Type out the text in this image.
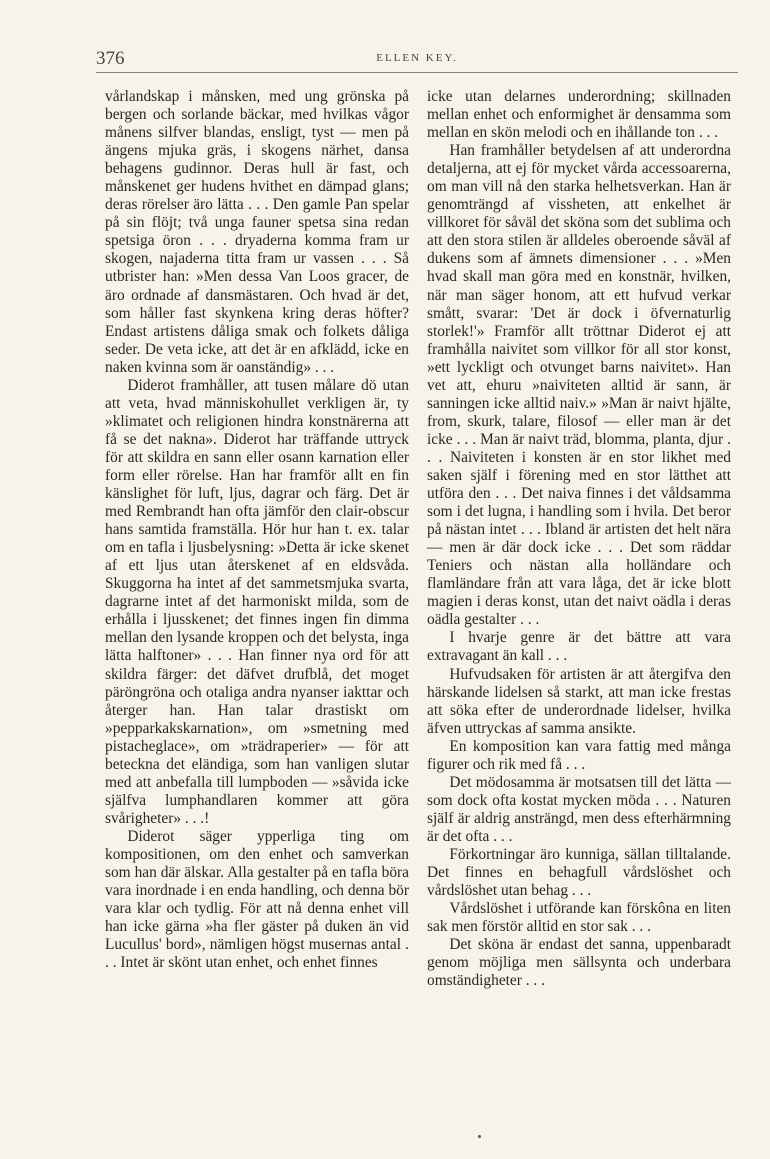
376	ELLEN KEY.

vårlandskap i månsken, med ung grönska på bergen och sorlande bäckar, med hvilkas vågor månens silfver blandas, ensligt, tyst — men på ängens mjuka gräs, i skogens närhet, dansa behagens gudinnor. Deras hull är fast, och månskenet ger hudens hvithet en dämpad glans; deras rörelser äro lätta . . . Den gamle Pan spelar på sin flöjt; två unga fauner spetsa sina redan spetsiga öron . . . dryaderna komma fram ur skogen, najaderna titta fram ur vassen . . . Så utbrister han: »Men dessa Van Loos gracer, de äro ordnade af dansmästaren. Och hvad är det, som håller fast skynkena kring deras höfter? Endast artistens dåliga smak och folkets dåliga seder. De veta icke, att det är en afklädd, icke en naken kvinna som är oanständig» . . .

Diderot framhåller, att tusen målare dö utan att veta, hvad människohullet verkligen är, ty »klimatet och religionen hindra konstnärerna att få se det nakna». Diderot har träffande uttryck för att skildra en sann eller osann karnation eller form eller rörelse. Han har framför allt en fin känslighet för luft, ljus, dagrar och färg. Det är med Rembrandt han ofta jämför den clair-obscur hans samtida framställa. Hör hur han t. ex. talar om en tafla i ljusbelysning: »Detta är icke skenet af ett ljus utan återskenet af en eldsvåda. Skuggorna ha intet af det sammetsmjuka svarta, dagrarne intet af det harmoniskt milda, som de erhålla i ljusskenet; det finnes ingen fin dimma mellan den lysande kroppen och det belysta, inga lätta halftoner» . . . Han finner nya ord för att skildra färger: det däfvet drufblå, det moget päröngröna och otaliga andra nyanser iakttar och återger han. Han talar drastiskt om »pepparkakskarnation», om »smetning med pistacheglace», om »trädraperier» — för att beteckna det eländiga, som han vanligen slutar med att anbefalla till lumpboden — »såvida icke själfva lumphandlaren kommer att göra svårigheter» . . .!

Diderot säger ypperliga ting om kompositionen, om den enhet och samverkan som han där älskar. Alla gestalter på en tafla böra vara inordnade i en enda handling, och denna bör vara klar och tydlig. För att nå denna enhet vill han icke gärna »ha fler gäster på duken än vid Lucullus' bord», nämligen högst musernas antal . . . Intet är skönt utan enhet, och enhet finnes

icke utan delarnes underordning; skillnaden mellan enhet och enformighet är densamma som mellan en skön melodi och en ihållande ton . . .

Han framhåller betydelsen af att underordna detaljerna, att ej för mycket vårda accessoarerna, om man vill nå den starka helhetsverkan. Han är genomträngd af vissheten, att enkelhet är villkoret för såväl det sköna som det sublima och att den stora stilen är alldeles oberoende såväl af dukens som af ämnets dimensioner . . . »Men hvad skall man göra med en konstnär, hvilken, när man säger honom, att ett hufvud verkar smått, svarar: 'Det är dock i öfvernaturlig storlek!'» Framför allt tröttnar Diderot ej att framhålla naivitet som villkor för all stor konst, »ett lyckligt och otvunget barns naivitet». Han vet att, ehuru »naiviteten alltid är sann, är sanningen icke alltid naiv.» »Man är naivt hjälte, from, skurk, talare, filosof — eller man är det icke . . . Man är naivt träd, blomma, planta, djur . . . Naiviteten i konsten är en stor likhet med saken själf i förening med en stor lätthet att utföra den . . . Det naiva finnes i det våldsamma som i det lugna, i handling som i hvila. Det beror på nästan intet . . . Ibland är artisten det helt nära — men är där dock icke . . . Det som räddar Teniers och nästan alla holländare och flamländare från att vara låga, det är icke blott magien i deras konst, utan det naivt oädla i deras oädla gestalter . . .

I hvarje genre är det bättre att vara extravagant än kall . . .

Hufvudsaken för artisten är att återgifva den härskande lidelsen så starkt, att man icke frestas att söka efter de underordnade lidelser, hvilka äfven uttryckas af samma ansikte.

En komposition kan vara fattig med många figurer och rik med få . . .

Det mödosamma är motsatsen till det lätta — som dock ofta kostat mycken möda . . . Naturen själf är aldrig ansträngd, men dess efterhärmning är det ofta . . .

Förkortningar äro kunniga, sällan tilltalande. Det finnes en behagfull vårdslöshet och vårdslöshet utan behag . . .

Vårdslöshet i utförande kan förskôna en liten sak men förstör alltid en stor sak . . .

Det sköna är endast det sanna, uppenbaradt genom möjliga men sällsynta och underbara omständigheter . . .
